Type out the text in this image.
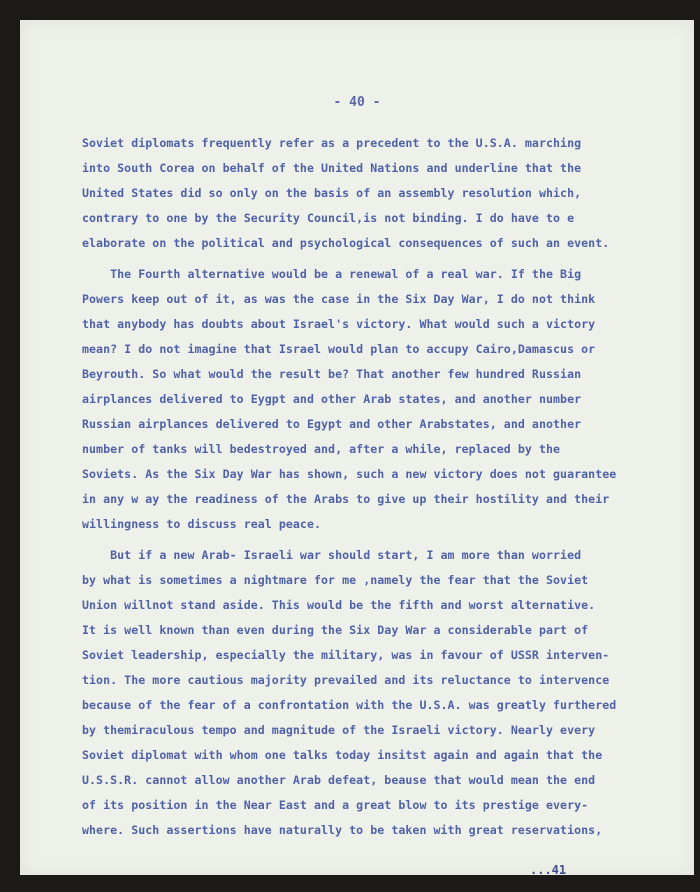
- 40 -
Soviet diplomats frequently refer as a precedent to the U.S.A. marching
into South Corea on behalf of the United Nations and underline that the
United States did so only on the basis of an assembly resolution which,
contrary to one by the Security Council,is not binding. I do have to e
elaborate on the political and psychological consequences of such an event.
The Fourth alternative would be a renewal of a real war. If the Big
Powers keep out of it, as was the case in the Six Day War, I do not think
that anybody has doubts about Israel's victory. What would such a victory
mean? I do not imagine that Israel would plan to accupy Cairo,Damascus or
Beyrouth. So what would the result be? That another few hundred Russian
airplances delivered to Eygpt and other Arab states, and another number
Russian airplances delivered to Egypt and other Arabstates, and another
number of tanks will bedestroyed and, after a while, replaced by the
Soviets. As the Six Day War has shown, such a new victory does not guarantee
in any w ay the readiness of the Arabs to give up their hostility and their
willingness to discuss real peace.
But if a new Arab- Israeli war should start, I am more than worried
by what is sometimes a nightmare for me ,namely the fear that the Soviet
Union willnot stand aside. This would be the fifth and worst alternative.
It is well known than even during the Six Day War a considerable part of
Soviet leadership, especially the military, was in favour of USSR interven-
tion. The more cautious majority prevailed and its reluctance to intervence
because of the fear of a confrontation with the U.S.A. was greatly furthered
by themiraculous tempo and magnitude of the Israeli victory. Nearly every
Soviet diplomat with whom one talks today insitst again and again that the
U.S.S.R. cannot allow another Arab defeat, beause that would mean the end
of its position in the Near East and a great blow to its prestige every-
where. Such assertions have naturally to be taken with great reservations,
...41
